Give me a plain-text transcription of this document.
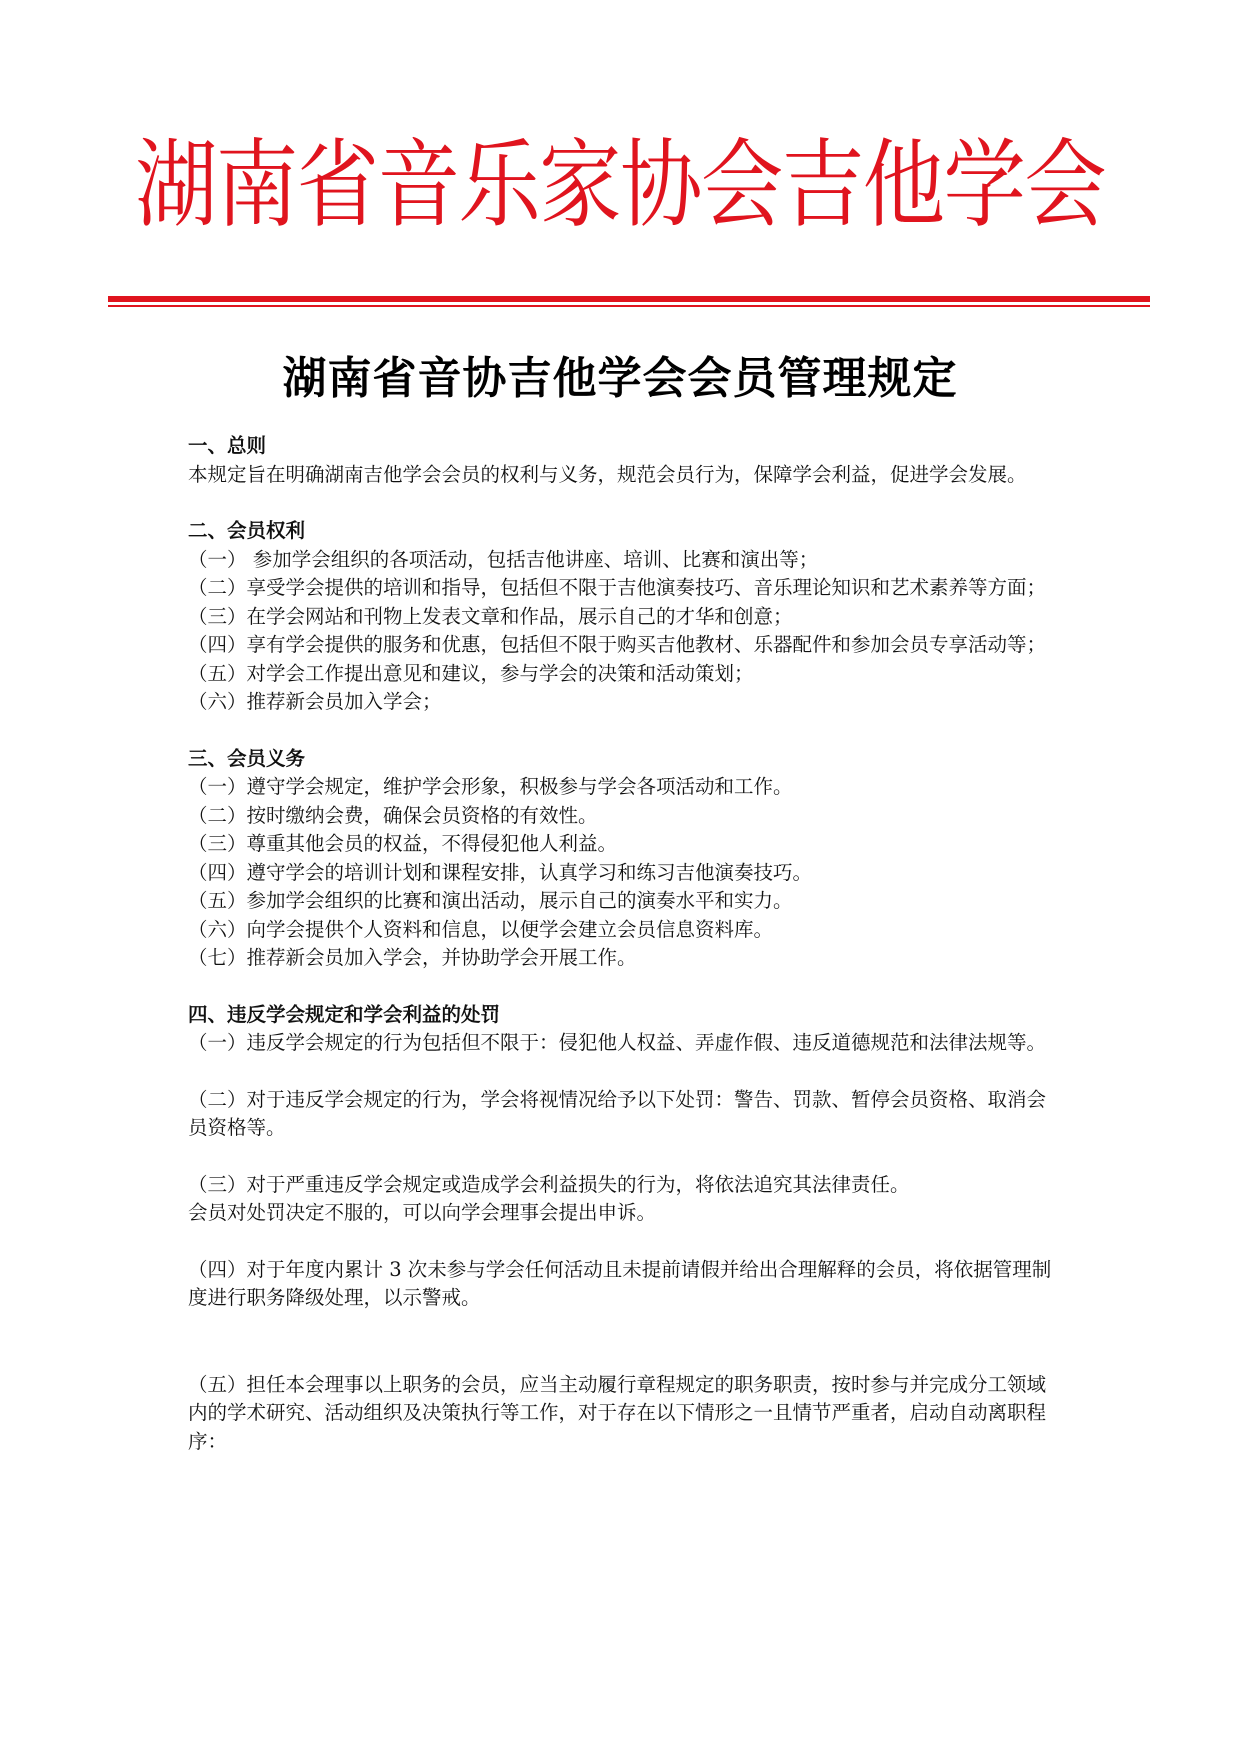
湖南省音乐家协会吉他学会
湖南省音协吉他学会会员管理规定

一、总则

本规定旨在明确湖南吉他学会会员的权利与义务，规范会员行为，保障学会利益，促进学会发展。

二、会员权利

（一） 参加学会组织的各项活动，包括吉他讲座、培训、比赛和演出等；

（二）享受学会提供的培训和指导，包括但不限于吉他演奏技巧、音乐理论知识和艺术素养等方面；

（三）在学会网站和刊物上发表文章和作品，展示自己的才华和创意；

（四）享有学会提供的服务和优惠，包括但不限于购买吉他教材、乐器配件和参加会员专享活动等；

（五）对学会工作提出意见和建议，参与学会的决策和活动策划；

（六）推荐新会员加入学会；

三、会员义务

（一）遵守学会规定，维护学会形象，积极参与学会各项活动和工作。

（二）按时缴纳会费，确保会员资格的有效性。

（三）尊重其他会员的权益，不得侵犯他人利益。

（四）遵守学会的培训计划和课程安排，认真学习和练习吉他演奏技巧。

（五）参加学会组织的比赛和演出活动，展示自己的演奏水平和实力。

（六）向学会提供个人资料和信息，以便学会建立会员信息资料库。

（七）推荐新会员加入学会，并协助学会开展工作。

四、违反学会规定和学会利益的处罚

（一）违反学会规定的行为包括但不限于：侵犯他人权益、弄虚作假、违反道德规范和法律法规等。

（二）对于违反学会规定的行为，学会将视情况给予以下处罚：警告、罚款、暂停会员资格、取消会员资格等。

（三）对于严重违反学会规定或造成学会利益损失的行为，将依法追究其法律责任。

会员对处罚决定不服的，可以向学会理事会提出申诉。

（四）对于年度内累计 3 次未参与学会任何活动且未提前请假并给出合理解释的会员，将依据管理制度进行职务降级处理，以示警戒。

（五）担任本会理事以上职务的会员，应当主动履行章程规定的职务职责，按时参与并完成分工领域内的学术研究、活动组织及决策执行等工作，对于存在以下情形之一且情节严重者，启动自动离职程序：
